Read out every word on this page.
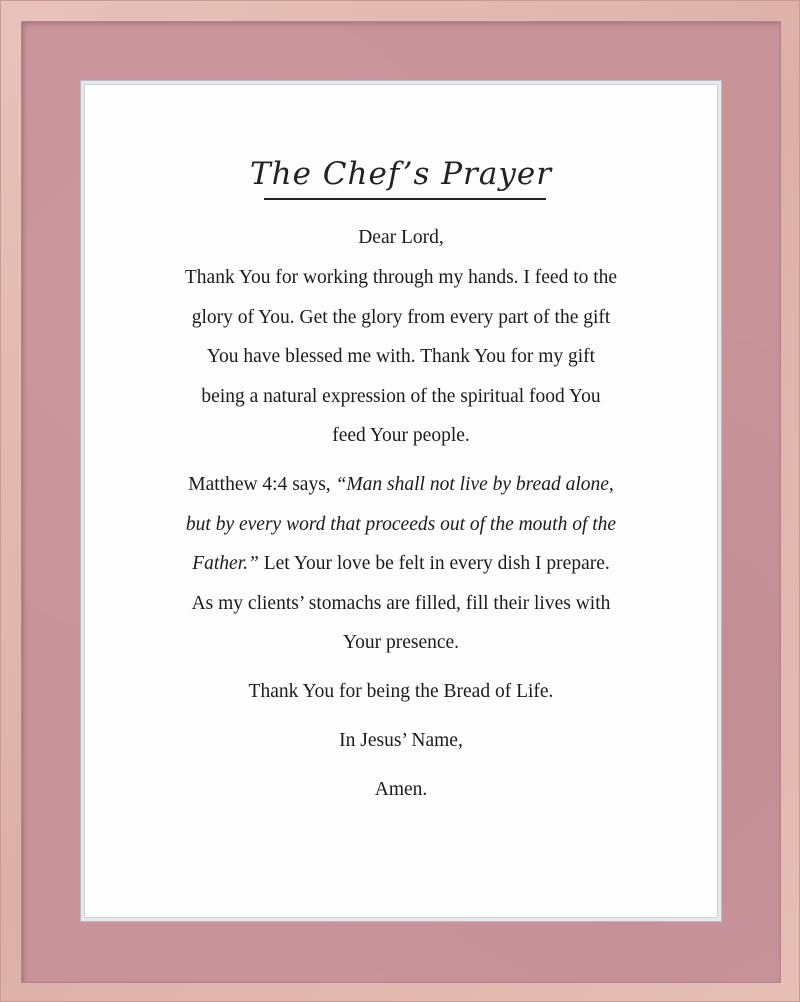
The Chef’s Prayer
Dear Lord,
Thank You for working through my hands. I feed to the
glory of You. Get the glory from every part of the gift
You have blessed me with. Thank You for my gift
being a natural expression of the spiritual food You
feed Your people.
Matthew 4:4 says, “Man shall not live by bread alone,
but by every word that proceeds out of the mouth of the
Father.” Let Your love be felt in every dish I prepare.
As my clients’ stomachs are filled, fill their lives with
Your presence.
Thank You for being the Bread of Life.
In Jesus’ Name,
Amen.
